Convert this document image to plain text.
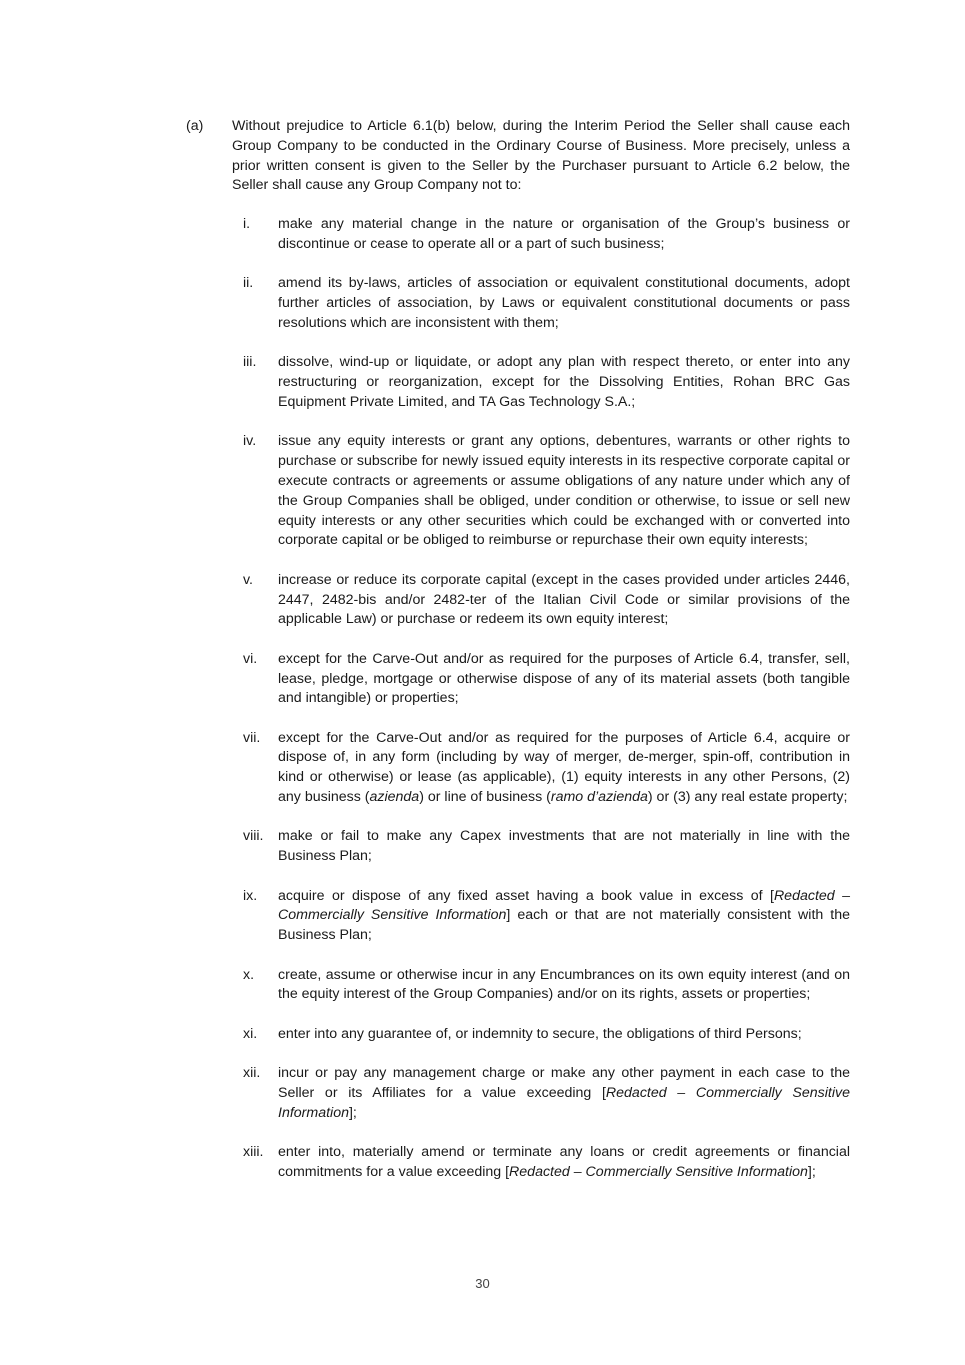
(a) Without prejudice to Article 6.1(b) below, during the Interim Period the Seller shall cause each Group Company to be conducted in the Ordinary Course of Business. More precisely, unless a prior written consent is given to the Seller by the Purchaser pursuant to Article 6.2 below, the Seller shall cause any Group Company not to:
i. make any material change in the nature or organisation of the Group’s business or discontinue or cease to operate all or a part of such business;
ii. amend its by-laws, articles of association or equivalent constitutional documents, adopt further articles of association, by Laws or equivalent constitutional documents or pass resolutions which are inconsistent with them;
iii. dissolve, wind-up or liquidate, or adopt any plan with respect thereto, or enter into any restructuring or reorganization, except for the Dissolving Entities, Rohan BRC Gas Equipment Private Limited, and TA Gas Technology S.A.;
iv. issue any equity interests or grant any options, debentures, warrants or other rights to purchase or subscribe for newly issued equity interests in its respective corporate capital or execute contracts or agreements or assume obligations of any nature under which any of the Group Companies shall be obliged, under condition or otherwise, to issue or sell new equity interests or any other securities which could be exchanged with or converted into corporate capital or be obliged to reimburse or repurchase their own equity interests;
v. increase or reduce its corporate capital (except in the cases provided under articles 2446, 2447, 2482-bis and/or 2482-ter of the Italian Civil Code or similar provisions of the applicable Law) or purchase or redeem its own equity interest;
vi. except for the Carve-Out and/or as required for the purposes of Article 6.4, transfer, sell, lease, pledge, mortgage or otherwise dispose of any of its material assets (both tangible and intangible) or properties;
vii. except for the Carve-Out and/or as required for the purposes of Article 6.4, acquire or dispose of, in any form (including by way of merger, de-merger, spin-off, contribution in kind or otherwise) or lease (as applicable), (1) equity interests in any other Persons, (2) any business (azienda) or line of business (ramo d’azienda) or (3) any real estate property;
viii. make or fail to make any Capex investments that are not materially in line with the Business Plan;
ix. acquire or dispose of any fixed asset having a book value in excess of [Redacted – Commercially Sensitive Information] each or that are not materially consistent with the Business Plan;
x. create, assume or otherwise incur in any Encumbrances on its own equity interest (and on the equity interest of the Group Companies) and/or on its rights, assets or properties;
xi. enter into any guarantee of, or indemnity to secure, the obligations of third Persons;
xii. incur or pay any management charge or make any other payment in each case to the Seller or its Affiliates for a value exceeding [Redacted – Commercially Sensitive Information];
xiii. enter into, materially amend or terminate any loans or credit agreements or financial commitments for a value exceeding [Redacted – Commercially Sensitive Information];
30
